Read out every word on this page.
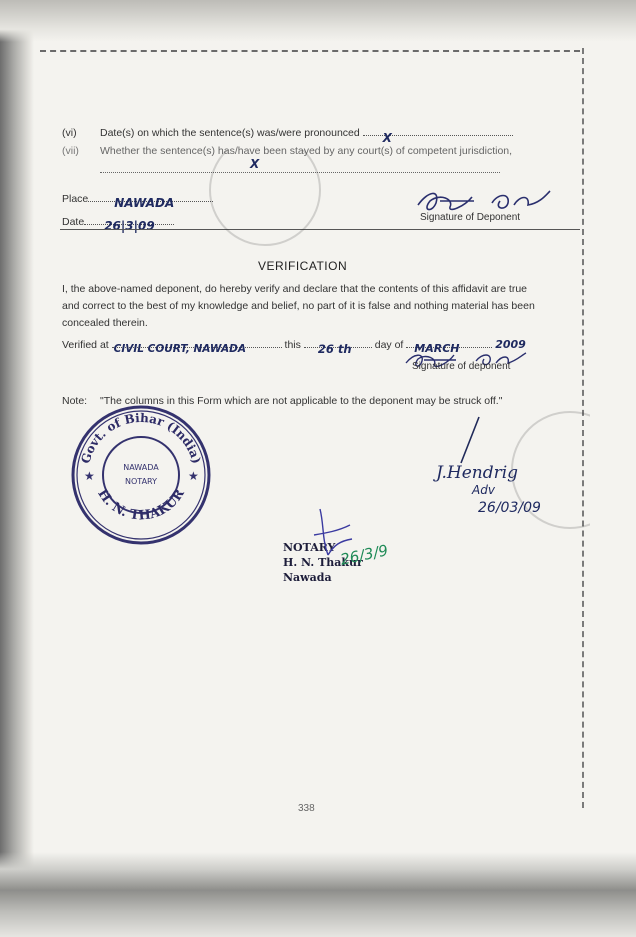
(vi) Date(s) on which the sentence(s) was/were pronounced X
(vii) Whether the sentence(s) has/have been stayed by any court(s) of competent jurisdiction,
X
Place NAWADA
Date 26|3|09
Signature of Deponent
VERIFICATION
I, the above-named deponent, do hereby verify and declare that the contents of this affidavit are true
and correct to the best of my knowledge and belief, no part of it is false and nothing material has been
concealed therein.
Verified at CIVIL COURT, NAWADA	this 26 th day of MARCH	2009
Signature of deponent
Note: "The columns in this Form which are not applicable to the deponent may be struck off."
Govt. of Bihar (India)
H. N. THAKUR
NAWADA
NOTARY
★	★	J.Hendrig
Adv
26/03/09
NOTARY
H. N. Thakur
Nawada
26/3/9
338
